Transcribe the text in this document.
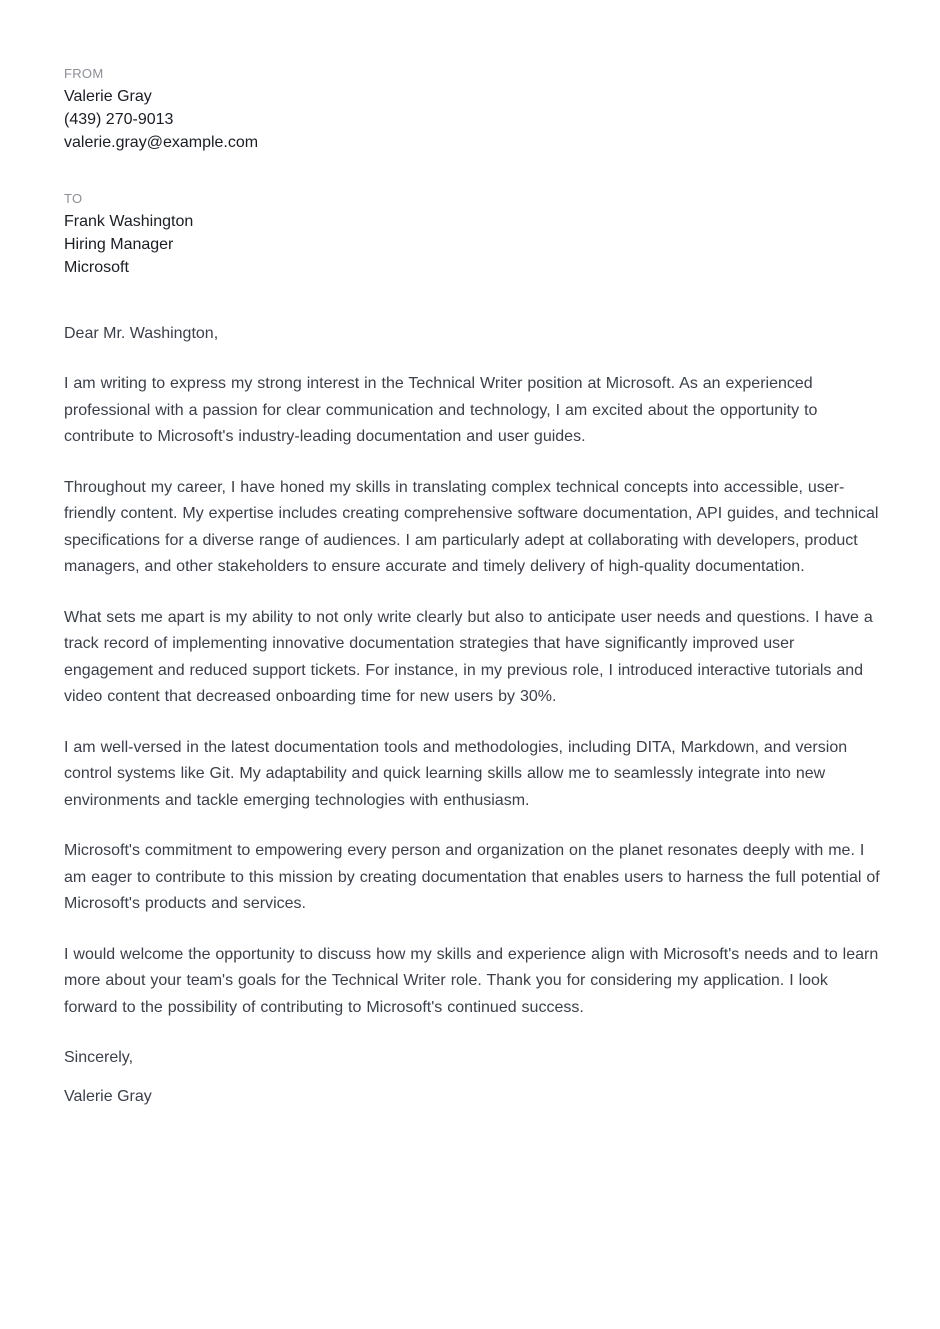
FROM
Valerie Gray
(439) 270-9013
valerie.gray@example.com
TO
Frank Washington
Hiring Manager
Microsoft
Dear Mr. Washington,

I am writing to express my strong interest in the Technical Writer position at Microsoft. As an experienced professional with a passion for clear communication and technology, I am excited about the opportunity to contribute to Microsoft's industry-leading documentation and user guides.

Throughout my career, I have honed my skills in translating complex technical concepts into accessible, user-friendly content. My expertise includes creating comprehensive software documentation, API guides, and technical specifications for a diverse range of audiences. I am particularly adept at collaborating with developers, product managers, and other stakeholders to ensure accurate and timely delivery of high-quality documentation.

What sets me apart is my ability to not only write clearly but also to anticipate user needs and questions. I have a track record of implementing innovative documentation strategies that have significantly improved user engagement and reduced support tickets. For instance, in my previous role, I introduced interactive tutorials and video content that decreased onboarding time for new users by 30%.

I am well-versed in the latest documentation tools and methodologies, including DITA, Markdown, and version control systems like Git. My adaptability and quick learning skills allow me to seamlessly integrate into new environments and tackle emerging technologies with enthusiasm.

Microsoft's commitment to empowering every person and organization on the planet resonates deeply with me. I am eager to contribute to this mission by creating documentation that enables users to harness the full potential of Microsoft's products and services.

I would welcome the opportunity to discuss how my skills and experience align with Microsoft's needs and to learn more about your team's goals for the Technical Writer role. Thank you for considering my application. I look forward to the possibility of contributing to Microsoft's continued success.

Sincerely,
Valerie Gray
